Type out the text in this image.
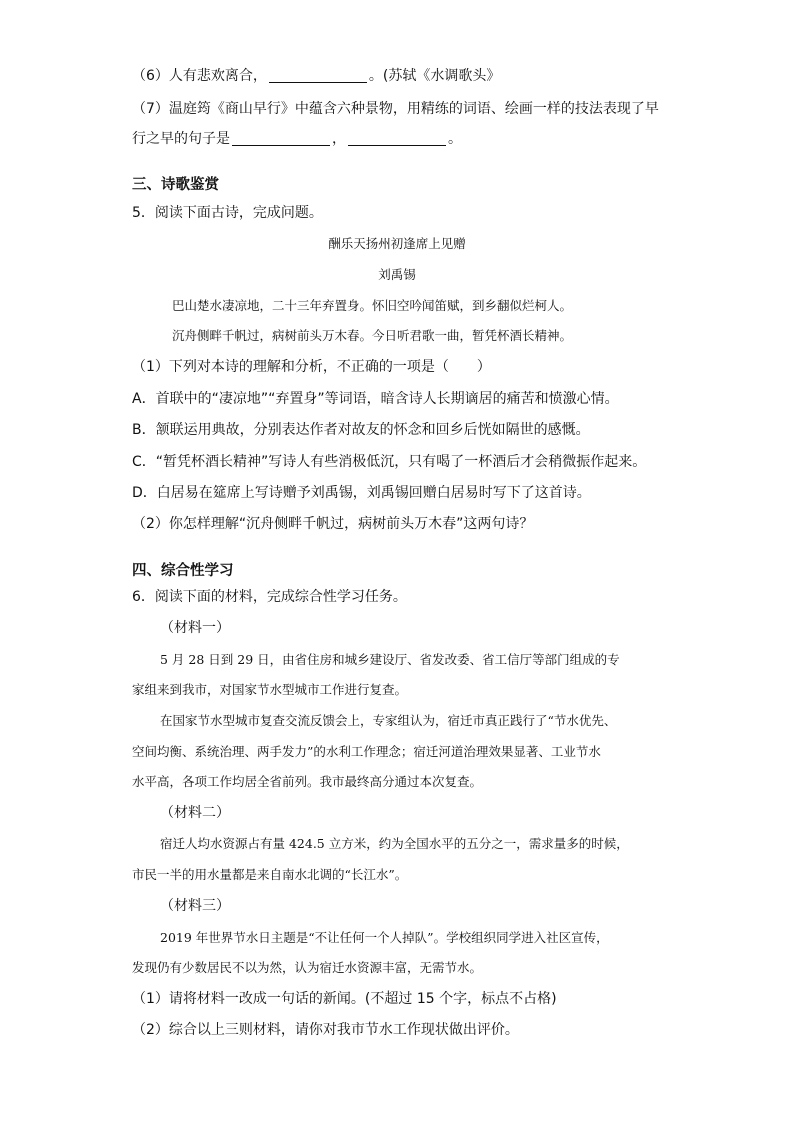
（6）人有悲欢离合，	。(苏轼《水调歌头》
（7）温庭筠《商山早行》中蕴含六种景物，用精练的词语、绘画一样的技法表现了早
行之早的句子是	，	。
三、诗歌鉴赏
5．阅读下面古诗，完成问题。
酬乐天扬州初逢席上见赠
刘禹锡
巴山楚水凄凉地，二十三年弃置身。怀旧空吟闻笛赋，到乡翻似烂柯人。
沉舟侧畔千帆过，病树前头万木春。今日听君歌一曲，暂凭杯酒长精神。
（1）下列对本诗的理解和分析，不正确的一项是（　　）
A．首联中的“凄凉地”“弃置身”等词语，暗含诗人长期谪居的痛苦和愤激心情。
B．颔联运用典故，分别表达作者对故友的怀念和回乡后恍如隔世的感慨。
C．“暂凭杯酒长精神”写诗人有些消极低沉，只有喝了一杯酒后才会稍微振作起来。
D．白居易在筵席上写诗赠予刘禹锡，刘禹锡回赠白居易时写下了这首诗。
（2）你怎样理解“沉舟侧畔千帆过，病树前头万木春”这两句诗？
四、综合性学习
6．阅读下面的材料，完成综合性学习任务。
（材料一）
5 月 28 日到 29 日，由省住房和城乡建设厅、省发改委、省工信厅等部门组成的专
家组来到我市，对国家节水型城市工作进行复查。
在国家节水型城市复查交流反馈会上，专家组认为，宿迁市真正践行了“节水优先、
空间均衡、系统治理、两手发力”的水利工作理念；宿迁河道治理效果显著、工业节水
水平高，各项工作均居全省前列。我市最终高分通过本次复查。
（材料二）
宿迁人均水资源占有量 424.5 立方米，约为全国水平的五分之一，需求量多的时候，
市民一半的用水量都是来自南水北调的“长江水”。
（材料三）
2019 年世界节水日主题是“不让任何一个人掉队”。学校组织同学进入社区宣传，
发现仍有少数居民不以为然，认为宿迁水资源丰富，无需节水。
（1）请将材料一改成一句话的新闻。(不超过 15 个字，标点不占格)
（2）综合以上三则材料，请你对我市节水工作现状做出评价。
